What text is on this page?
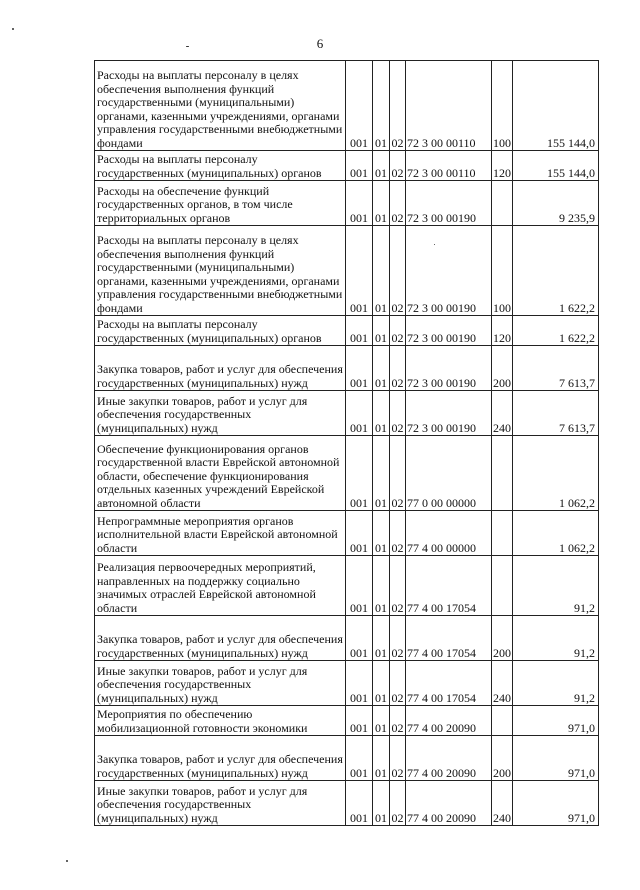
6
Расходы на выплаты персоналу в целях обеспечения выполнения функций государственными (муниципальными) органами, казенными учреждениями, органами управления государственными внебюджетными фондами	001	01	02	72 3 00 00110	100	155 144,0
Расходы на выплаты персоналу государственных (муниципальных) органов	001	01	02	72 3 00 00110	120	155 144,0
Расходы на обеспечение функций государственных органов, в том числе территориальных органов	001	01	02	72 3 00 00190		9 235,9
Расходы на выплаты персоналу в целях обеспечения выполнения функций государственными (муниципальными) органами, казенными учреждениями, органами управления государственными внебюджетными фондами	001	01	02	72 3 00 00190	100	1 622,2
Расходы на выплаты персоналу государственных (муниципальных) органов	001	01	02	72 3 00 00190	120	1 622,2
Закупка товаров, работ и услуг для обеспечения государственных (муниципальных) нужд	001	01	02	72 3 00 00190	200	7 613,7
Иные закупки товаров, работ и услуг для обеспечения государственных (муниципальных) нужд	001	01	02	72 3 00 00190	240	7 613,7
Обеспечение функционирования органов государственной власти Еврейской автономной области, обеспечение функционирования отдельных казенных учреждений Еврейской автономной области	001	01	02	77 0 00 00000		1 062,2
Непрограммные мероприятия органов исполнительной власти Еврейской автономной области	001	01	02	77 4 00 00000		1 062,2
Реализация первоочередных мероприятий, направленных на поддержку социально значимых отраслей Еврейской автономной области	001	01	02	77 4 00 17054		91,2
Закупка товаров, работ и услуг для обеспечения государственных (муниципальных) нужд	001	01	02	77 4 00 17054	200	91,2
Иные закупки товаров, работ и услуг для обеспечения государственных (муниципальных) нужд	001	01	02	77 4 00 17054	240	91,2
Мероприятия по обеспечению мобилизационной готовности экономики	001	01	02	77 4 00 20090		971,0
Закупка товаров, работ и услуг для обеспечения государственных (муниципальных) нужд	001	01	02	77 4 00 20090	200	971,0
Иные закупки товаров, работ и услуг для обеспечения государственных (муниципальных) нужд	001	01	02	77 4 00 20090	240	971,0
